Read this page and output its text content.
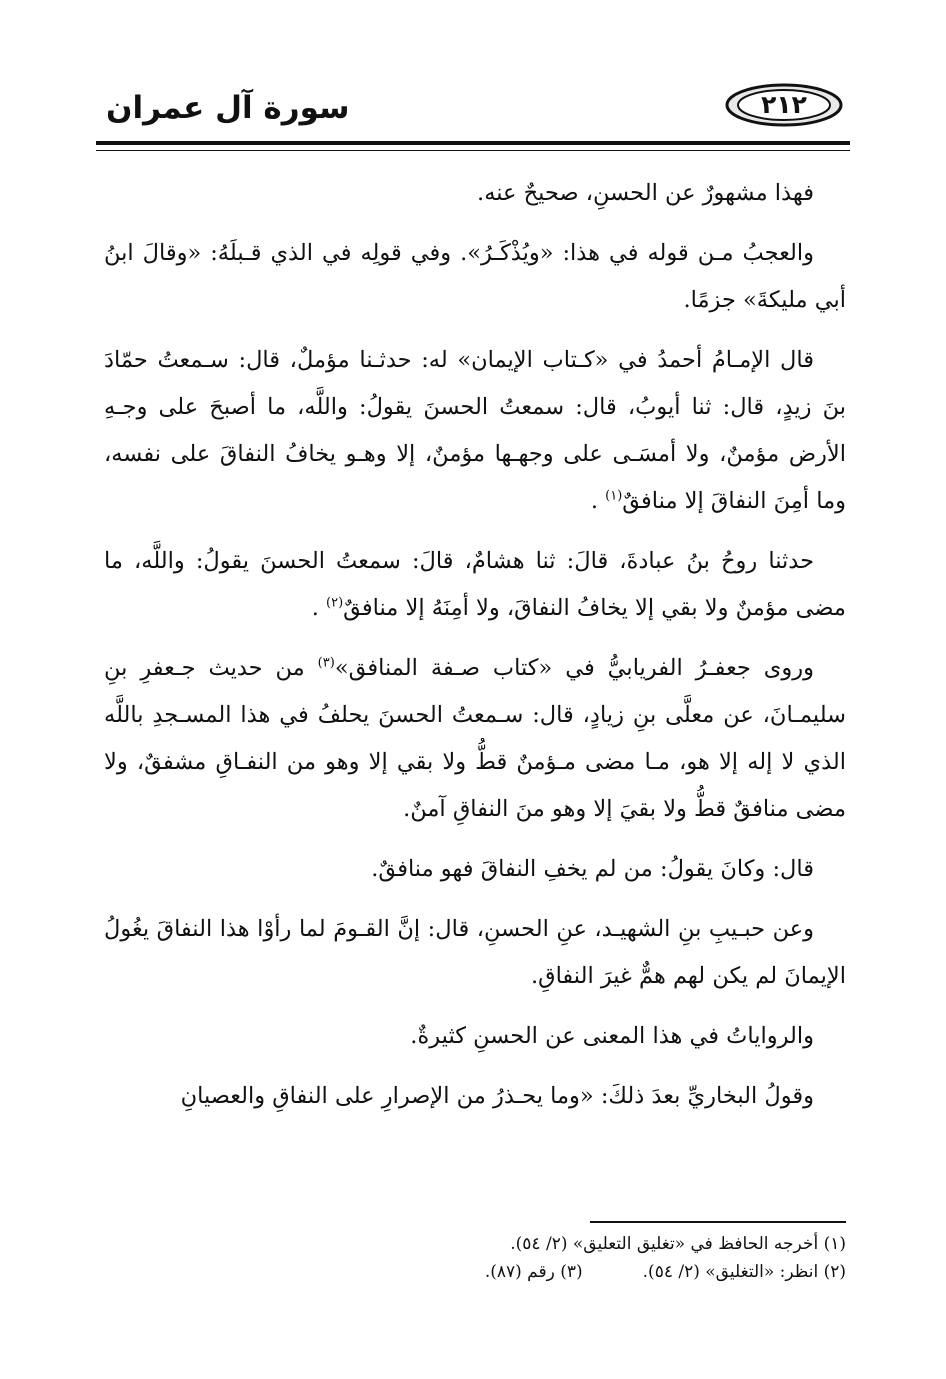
سورة آل عمران	٢١٢

فهذا مشهورٌ عن الحسنِ، صحيحٌ عنه.

والعجبُ مـن قوله في هذا: «ويُذْكَـرُ». وفي قولِه في الذي قـبلَهُ: «وقالَ ابنُ أبي مليكةَ» جزمًا.

قال الإمـامُ أحمدُ في «كـتاب الإيمان» له: حدثـنا مؤملٌ، قال: سـمعتُ حمّادَ بنَ زيدٍ، قال: ثنا أيوبُ، قال: سمعتُ الحسنَ يقولُ: واللَّه، ما أصبحَ على وجـهِ الأرض مؤمنٌ، ولا أمسَـى على وجهـها مؤمنٌ، إلا وهـو يخافُ النفاقَ على نفسه، وما أمِنَ النفاقَ إلا منافقٌ$^{(١)}$ .

حدثنا روحُ بنُ عبادةَ، قالَ: ثنا هشامٌ، قالَ: سمعتُ الحسنَ يقولُ: واللَّه، ما مضى مؤمنٌ ولا بقي إلا يخافُ النفاقَ، ولا أمِنَهُ إلا منافقٌ$^{(٢)}$ .

وروى جعفـرُ الفريابيُّ في «كتاب صـفة المنافق»$^{(٣)}$ من حديث جـعفرِ بنِ سليمـانَ، عن معلَّى بنِ زيادٍ، قال: سـمعتُ الحسنَ يحلفُ في هذا المسـجدِ باللَّه الذي لا إله إلا هو، مـا مضى مـؤمنٌ قطُّ ولا بقي إلا وهو من النفـاقِ مشفقٌ، ولا مضى منافقٌ قطُّ ولا بقيَ إلا وهو منَ النفاقِ آمنٌ.

قال: وكانَ يقولُ: من لم يخفِ النفاقَ فهو منافقٌ.

وعن حبـيبِ بنِ الشهيـد، عنِ الحسنِ، قال: إنَّ القـومَ لما رأوْا هذا النفاقَ يغُولُ الإيمانَ لم يكن لهم همٌّ غيرَ النفاقِ.

والرواياتُ في هذا المعنى عن الحسنِ كثيرةٌ.

وقولُ البخاريِّ بعدَ ذلكَ: «وما يحـذرُ من الإصرارِ على النفاقِ والعصيانِ

(١) أخرجه الحافظ في «تغليق التعليق» (٢/ ٥٤).
(٢) انظر: «التغليق» (٢/ ٥٤).
(٣) رقم (٨٧).
